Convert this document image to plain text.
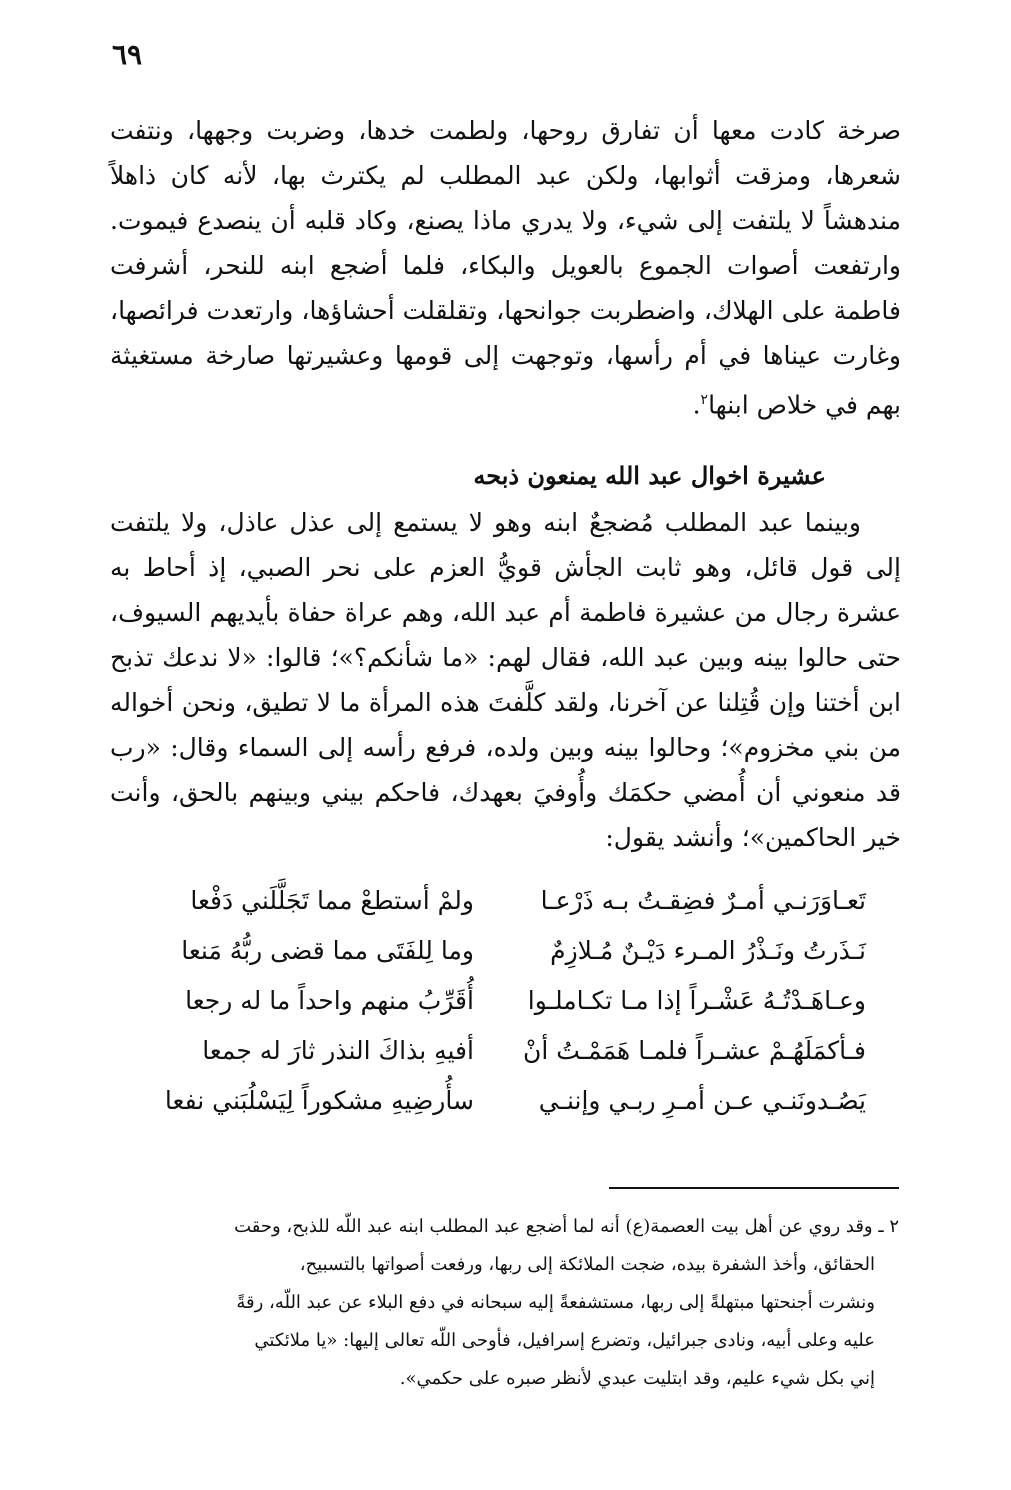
٦٩
صرخة كادت معها أن تفارق روحها، ولطمت خدها، وضربت وجهها، ونتفت شعرها، ومزقت أثوابها، ولكن عبد المطلب لم يكترث بها، لأنه كان ذاهلاً مندهشاً لا يلتفت إلى شيء، ولا يدري ماذا يصنع، وكاد قلبه أن ينصدع فيموت. وارتفعت أصوات الجموع بالعويل والبكاء، فلما أضجع ابنه للنحر، أشرفت فاطمة على الهلاك، واضطربت جوانحها، وتقلقلت أحشاؤها، وارتعدت فرائصها، وغارت عيناها في أم رأسها، وتوجهت إلى قومها وعشيرتها صارخة مستغيثة بهم في خلاص ابنها$^٢$.
عشيرة اخوال عبد الله يمنعون ذبحه
وبينما عبد المطلب مُضجعٌ ابنه وهو لا يستمع إلى عذل عاذل، ولا يلتفت إلى قول قائل، وهو ثابت الجأش قويُّ العزم على نحر الصبي، إذ أحاط به عشرة رجال من عشيرة فاطمة أم عبد الله، وهم عراة حفاة بأيديهم السيوف، حتى حالوا بينه وبين عبد الله، فقال لهم: «ما شأنكم؟»؛ قالوا: «لا ندعك تذبح ابن أختنا وإن قُتِلنا عن آخرنا، ولقد كلَّفتَ هذه المرأة ما لا تطيق، ونحن أخواله من بني مخزوم»؛ وحالوا بينه وبين ولده، فرفع رأسه إلى السماء وقال: «رب قد منعوني أن أُمضي حكمَك وأُوفيَ بعهدك، فاحكم بيني وبينهم بالحق، وأنت خير الحاكمين»؛ وأنشد يقول:
تَعـاوَرَنـي أمـرٌ فضِقـتُ بـه ذَرْعـا
ولمْ أستطعْ مما تَجَلَّلَني دَفْعا
نَـذَرتُ ونَـذْرُ المـرء دَيْـنٌ مُـلازِمٌ
وما لِلفَتَى مما قضى ربُّهُ مَنعا
وعـاهَـدْتُـهُ عَشْـراً إذا مـا تكـاملـوا
أُقَرِّبُ منهم واحداً ما له رجعا
فـأكمَلَهُـمْ عشـراً فلمـا هَمَمْـتُ أنْ
أفيهِ بذاكَ النذر ثارَ له جمعا
يَصُـدونَنـي عـن أمـرِ ربـي وإننـي
سأُرضِيهِ مشكوراً لِيَسْلُبَني نفعا
٢ ـ وقد روي عن أهل بيت العصمة(ع) أنه لما أضجع عبد المطلب ابنه عبد اللّه للذبح، وحقت
الحقائق، وأخذ الشفرة بيده، ضجت الملائكة إلى ربها، ورفعت أصواتها بالتسبيح،
ونشرت أجنحتها مبتهلةً إلى ربها، مستشفعةً إليه سبحانه في دفع البلاء عن عبد اللّه، رقةً
عليه وعلى أبيه، ونادى جبرائيل، وتضرع إسرافيل، فأوحى اللّه تعالى إليها: «يا ملائكتي
إني بكل شيء عليم، وقد ابتليت عبدي لأنظر صبره على حكمي».
